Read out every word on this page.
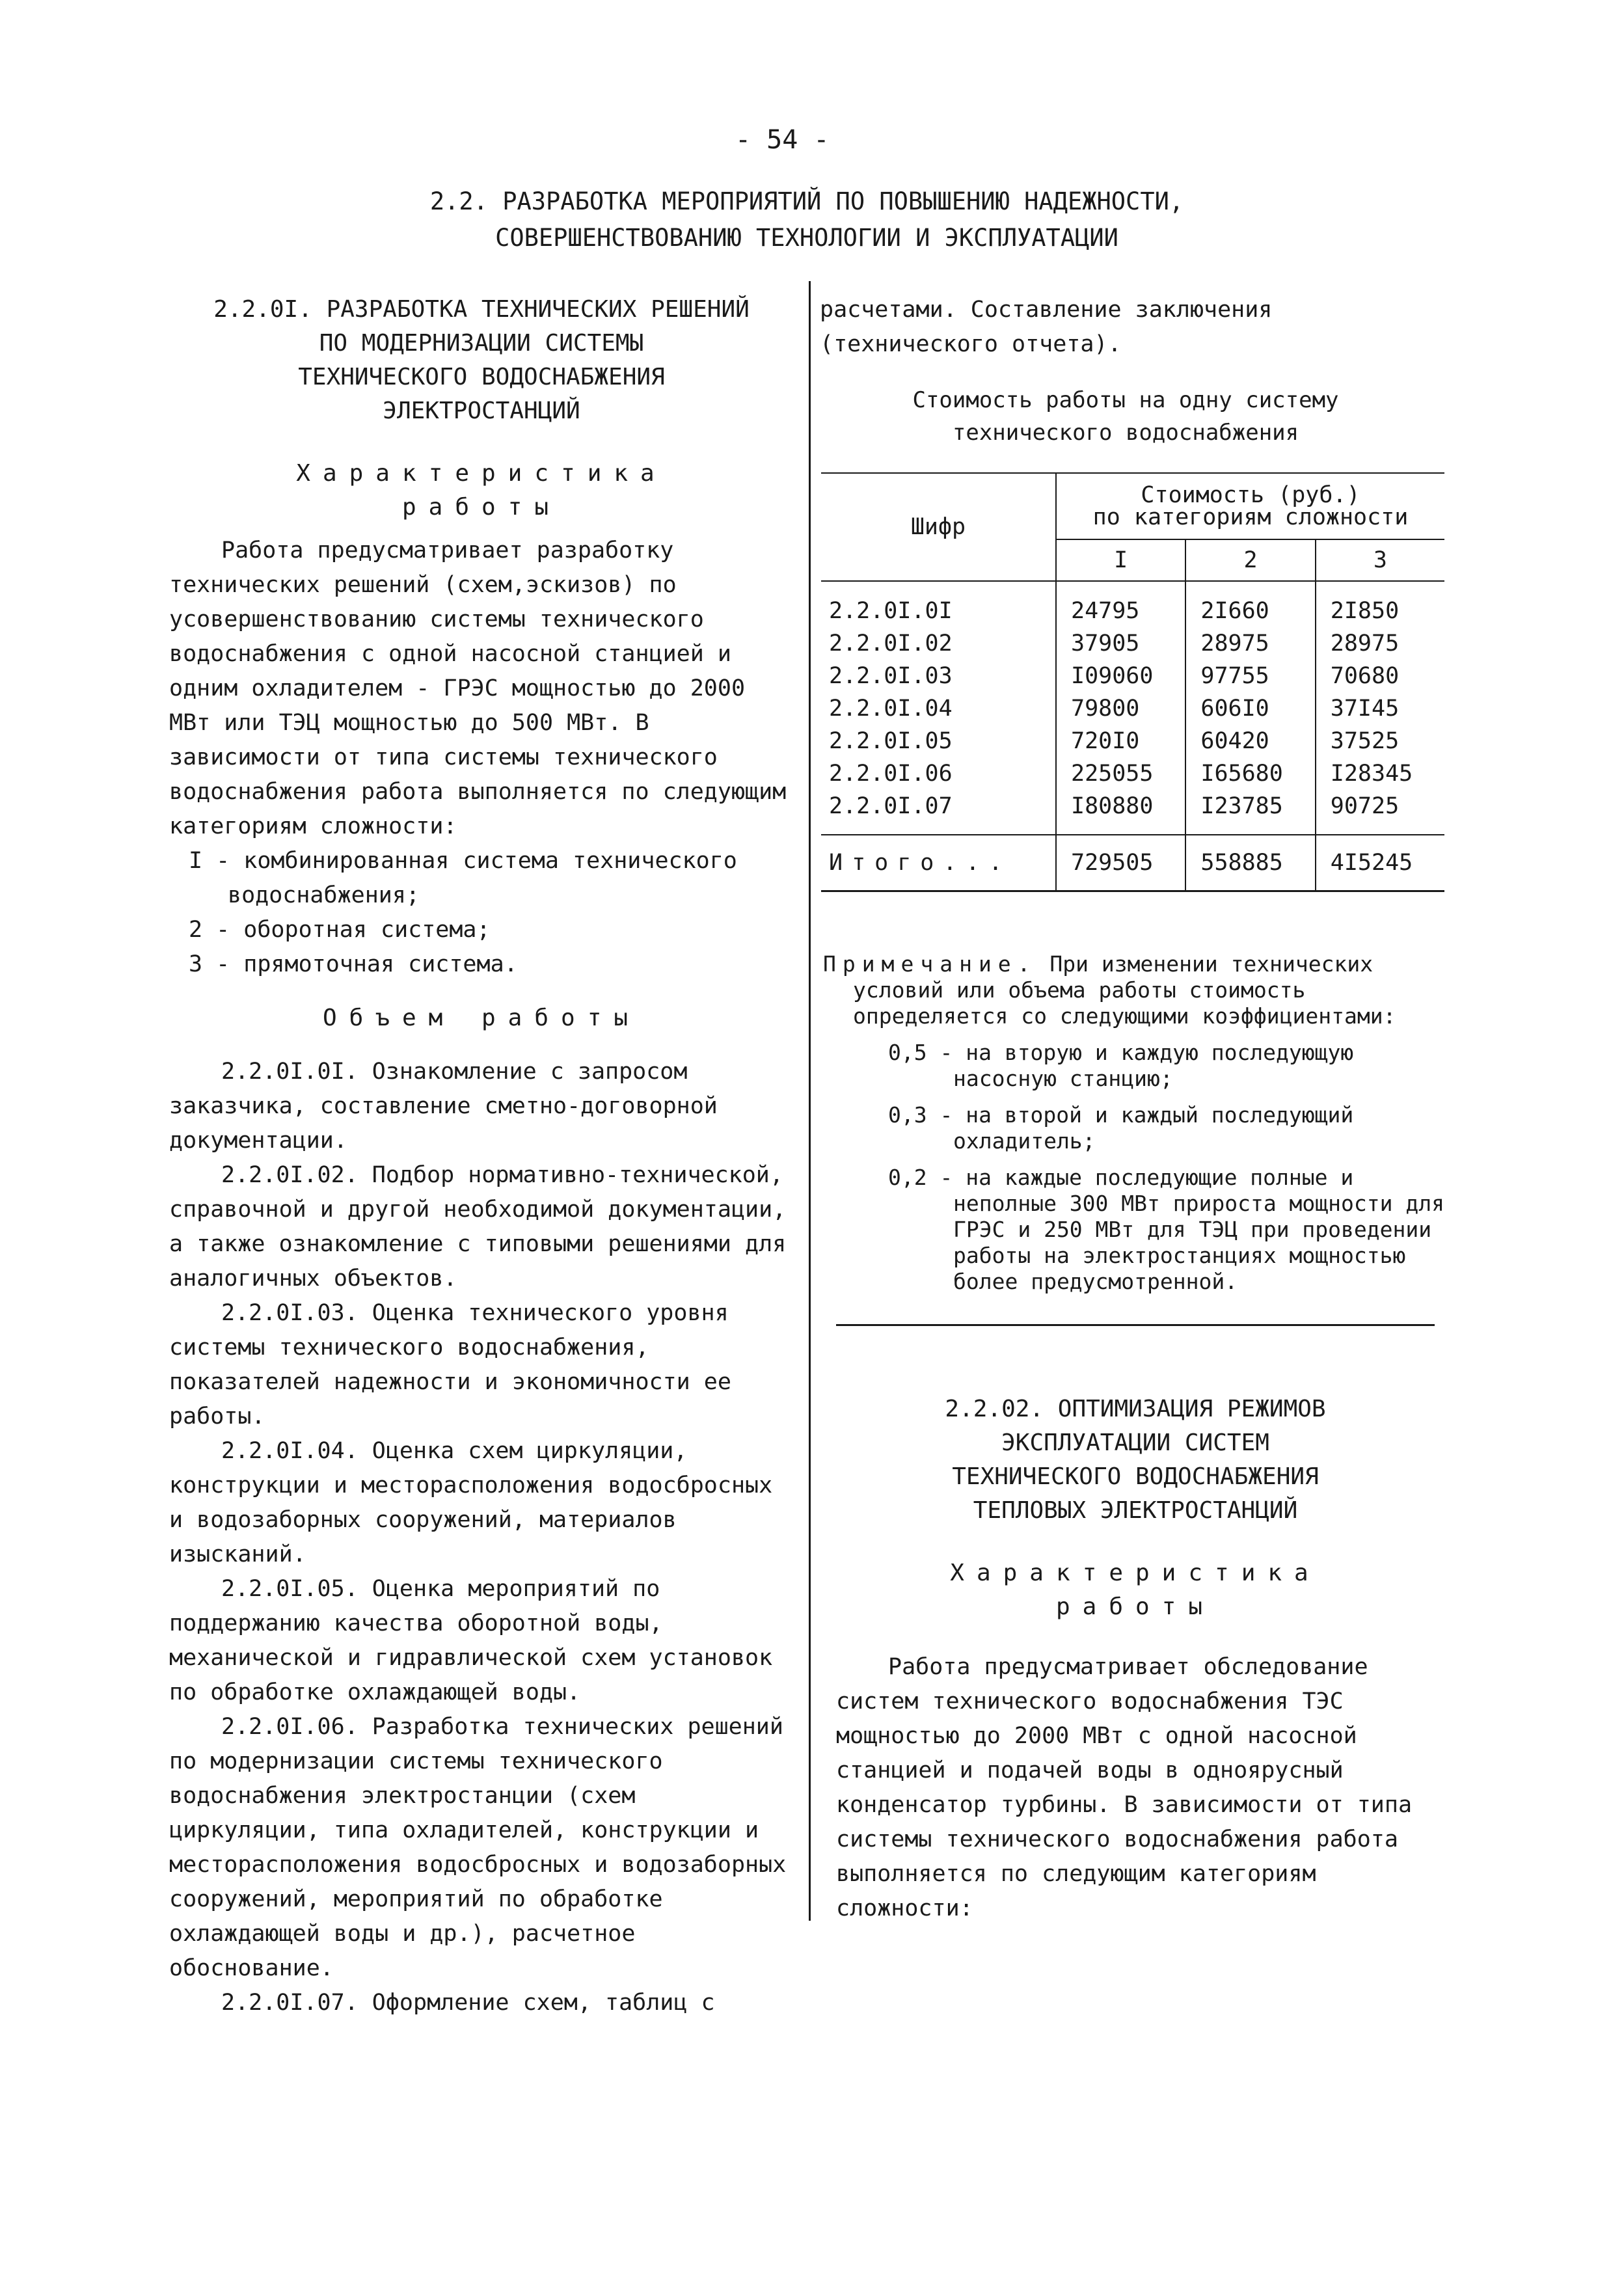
- 54 -
2.2. РАЗРАБОТКА МЕРОПРИЯТИЙ ПО ПОВЫШЕНИЮ НАДЕЖНОСТИ,
СОВЕРШЕНСТВОВАНИЮ ТЕХНОЛОГИИ И ЭКСПЛУАТАЦИИ
2.2.0I. РАЗРАБОТКА ТЕХНИЧЕСКИХ РЕШЕНИЙ
ПО МОДЕРНИЗАЦИИ СИСТЕМЫ
ТЕХНИЧЕСКОГО ВОДОСНАБЖЕНИЯ
ЭЛЕКТРОСТАНЦИЙ
Характеристика
работы
Работа предусматривает разработку технических решений (схем,эскизов) по усовершенствованию системы технического водоснабжения с одной насосной станцией и одним охладителем - ГРЭС мощностью до 2000 МВт или ТЭЦ мощностью до 500 МВт. В зависимости от типа системы технического водоснабжения работа выполняется по следующим категориям сложности:
I - комбинированная система технического водоснабжения;
2 - оборотная система;
3 - прямоточная система.
Объем работы
2.2.0I.0I. Ознакомление с запросом заказчика, составление сметно-договорной документации.
2.2.0I.02. Подбор нормативно-технической, справочной и другой необходимой документации, а также ознакомление с типовыми решениями для аналогичных объектов.
2.2.0I.03. Оценка технического уровня системы технического водоснабжения, показателей надежности и экономичности ее работы.
2.2.0I.04. Оценка схем циркуляции, конструкции и месторасположения водосбросных и водозаборных сооружений, материалов изысканий.
2.2.0I.05. Оценка мероприятий по поддержанию качества оборотной воды, механической и гидравлической схем установок по обработке охлаждающей воды.
2.2.0I.06. Разработка технических решений по модернизации системы технического водоснабжения электростанции (схем циркуляции, типа охладителей, конструкции и месторасположения водосбросных и водозаборных сооружений, мероприятий по обработке охлаждающей воды и др.), расчетное обоснование.
2.2.0I.07. Оформление схем, таблиц с
расчетами. Составление заключения (технического отчета).
Стоимость работы на одну систему
технического водоснабжения
Шифр	Стоимость (руб.)
по категориям сложности		

	I	2	3
2.2.0I.0I	24795	2I660	2I850
2.2.0I.02	37905	28975	28975
2.2.0I.03	I09060	97755	70680
2.2.0I.04	79800	606I0	37I45
2.2.0I.05	720I0	60420	37525
2.2.0I.06	225055	I65680	I28345
2.2.0I.07	I80880	I23785	90725
Итого...	729505	558885	4I5245
Примечание. При изменении технических условий или объема работы стоимость определяется со следующими коэффициентами:
0,5 - на вторую и каждую последующую насосную станцию;
0,3 - на второй и каждый последующий охладитель;
0,2 - на каждые последующие полные и неполные 300 МВт прироста мощности для ГРЭС и 250 МВт для ТЭЦ при проведении работы на электростанциях мощностью более предусмотренной.
2.2.02. ОПТИМИЗАЦИЯ РЕЖИМОВ
ЭКСПЛУАТАЦИИ СИСТЕМ
ТЕХНИЧЕСКОГО ВОДОСНАБЖЕНИЯ
ТЕПЛОВЫХ ЭЛЕКТРОСТАНЦИЙ
Характеристика
работы
Работа предусматривает обследование систем технического водоснабжения ТЭС мощностью до 2000 МВт с одной насосной станцией и подачей воды в одноярусный конденсатор турбины. В зависимости от типа системы технического водоснабжения работа выполняется по следующим категориям сложности:
